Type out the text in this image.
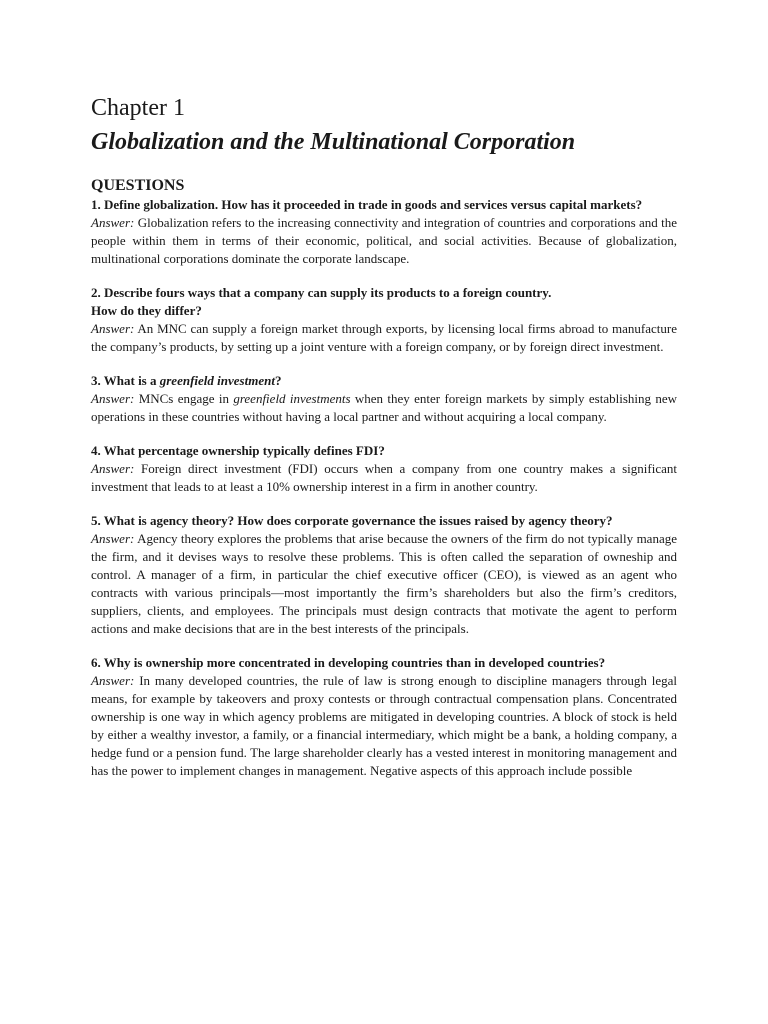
Chapter 1
Globalization and the Multinational Corporation
QUESTIONS

1. Define globalization. How has it proceeded in trade in goods and services versus capital markets?

Answer: Globalization refers to the increasing connectivity and integration of countries and corporations and the people within them in terms of their economic, political, and social activities. Because of globalization, multinational corporations dominate the corporate landscape.

2. Describe fours ways that a company can supply its products to a foreign country.
How do they differ?

Answer: An MNC can supply a foreign market through exports, by licensing local firms abroad to manufacture the company’s products, by setting up a joint venture with a foreign company, or by foreign direct investment.

3. What is a greenfield investment?

Answer: MNCs engage in greenfield investments when they enter foreign markets by simply establishing new operations in these countries without having a local partner and without acquiring a local company.

4. What percentage ownership typically defines FDI?

Answer: Foreign direct investment (FDI) occurs when a company from one country makes a significant investment that leads to at least a 10% ownership interest in a firm in another country.

5. What is agency theory? How does corporate governance the issues raised by agency theory?

Answer: Agency theory explores the problems that arise because the owners of the firm do not typically manage the firm, and it devises ways to resolve these problems. This is often called the separation of owneship and control. A manager of a firm, in particular the chief executive officer (CEO), is viewed as an agent who contracts with various principals—most importantly the firm’s shareholders but also the firm’s creditors, suppliers, clients, and employees. The principals must design contracts that motivate the agent to perform actions and make decisions that are in the best interests of the principals.

6. Why is ownership more concentrated in developing countries than in developed countries?

Answer: In many developed countries, the rule of law is strong enough to discipline managers through legal means, for example by takeovers and proxy contests or through contractual compensation plans. Concentrated ownership is one way in which agency problems are mitigated in developing countries. A block of stock is held by either a wealthy investor, a family, or a financial intermediary, which might be a bank, a holding company, a hedge fund or a pension fund. The large shareholder clearly has a vested interest in monitoring management and has the power to implement changes in management. Negative aspects of this approach include possible
